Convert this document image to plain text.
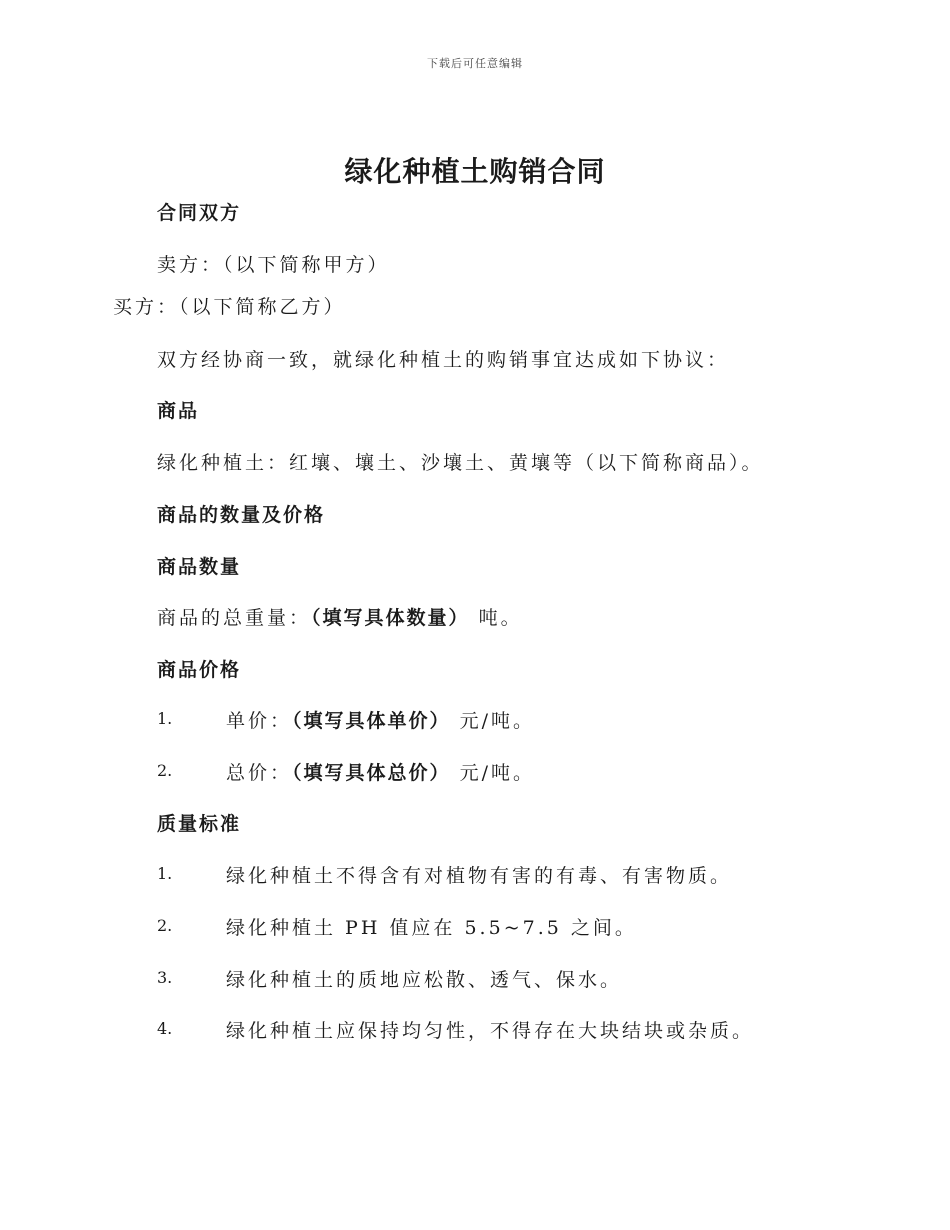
下载后可任意编辑
绿化种植土购销合同
合同双方
卖方：（以下简称甲方）
买方：（以下简称乙方）
双方经协商一致，就绿化种植土的购销事宜达成如下协议：
商品
绿化种植土：红壤、壤土、沙壤土、黄壤等（以下简称商品）。
商品的数量及价格
商品数量
商品的总重量：（填写具体数量） 吨。
商品价格
1.	单价：（填写具体单价） 元/吨。
2.	总价：（填写具体总价） 元/吨。
质量标准
1.	绿化种植土不得含有对植物有害的有毒、有害物质。
2.	绿化种植土 PH 值应在 5.5~7.5 之间。
3.	绿化种植土的质地应松散、透气、保水。
4.	绿化种植土应保持均匀性，不得存在大块结块或杂质。
